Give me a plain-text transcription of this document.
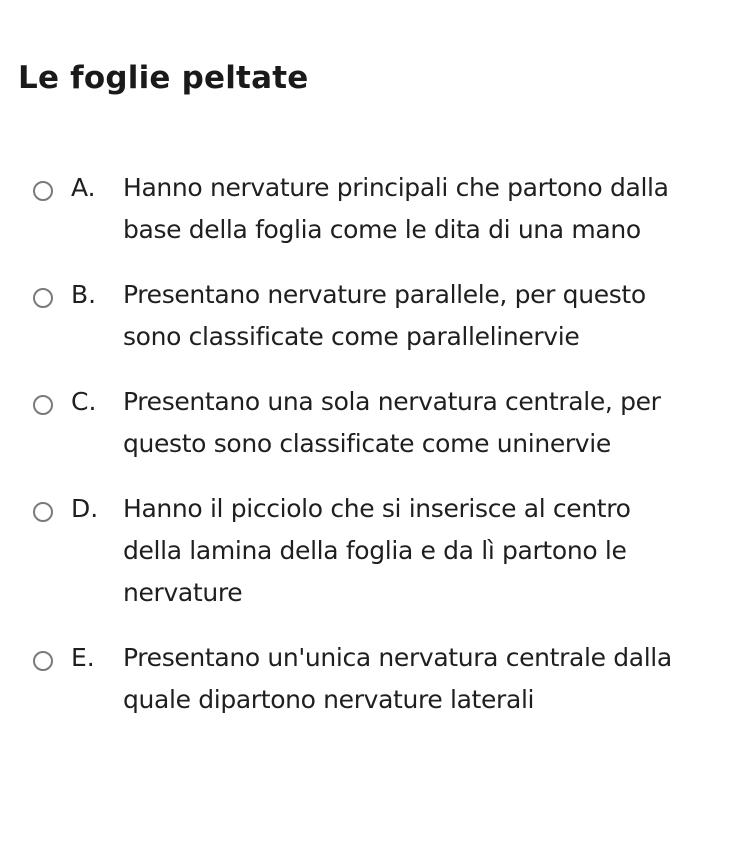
Le foglie peltate
A.	Hanno nervature principali che partono dalla base della foglia come le dita di una mano
B.	Presentano nervature parallele, per questo sono classificate come parallelinervie
C.	Presentano una sola nervatura centrale, per questo sono classificate come uninervie
D. Hanno il picciolo che si inserisce al centro della lamina della foglia e da lì partono le nervature
E.	Presentano un'unica nervatura centrale dalla quale dipartono nervature laterali
